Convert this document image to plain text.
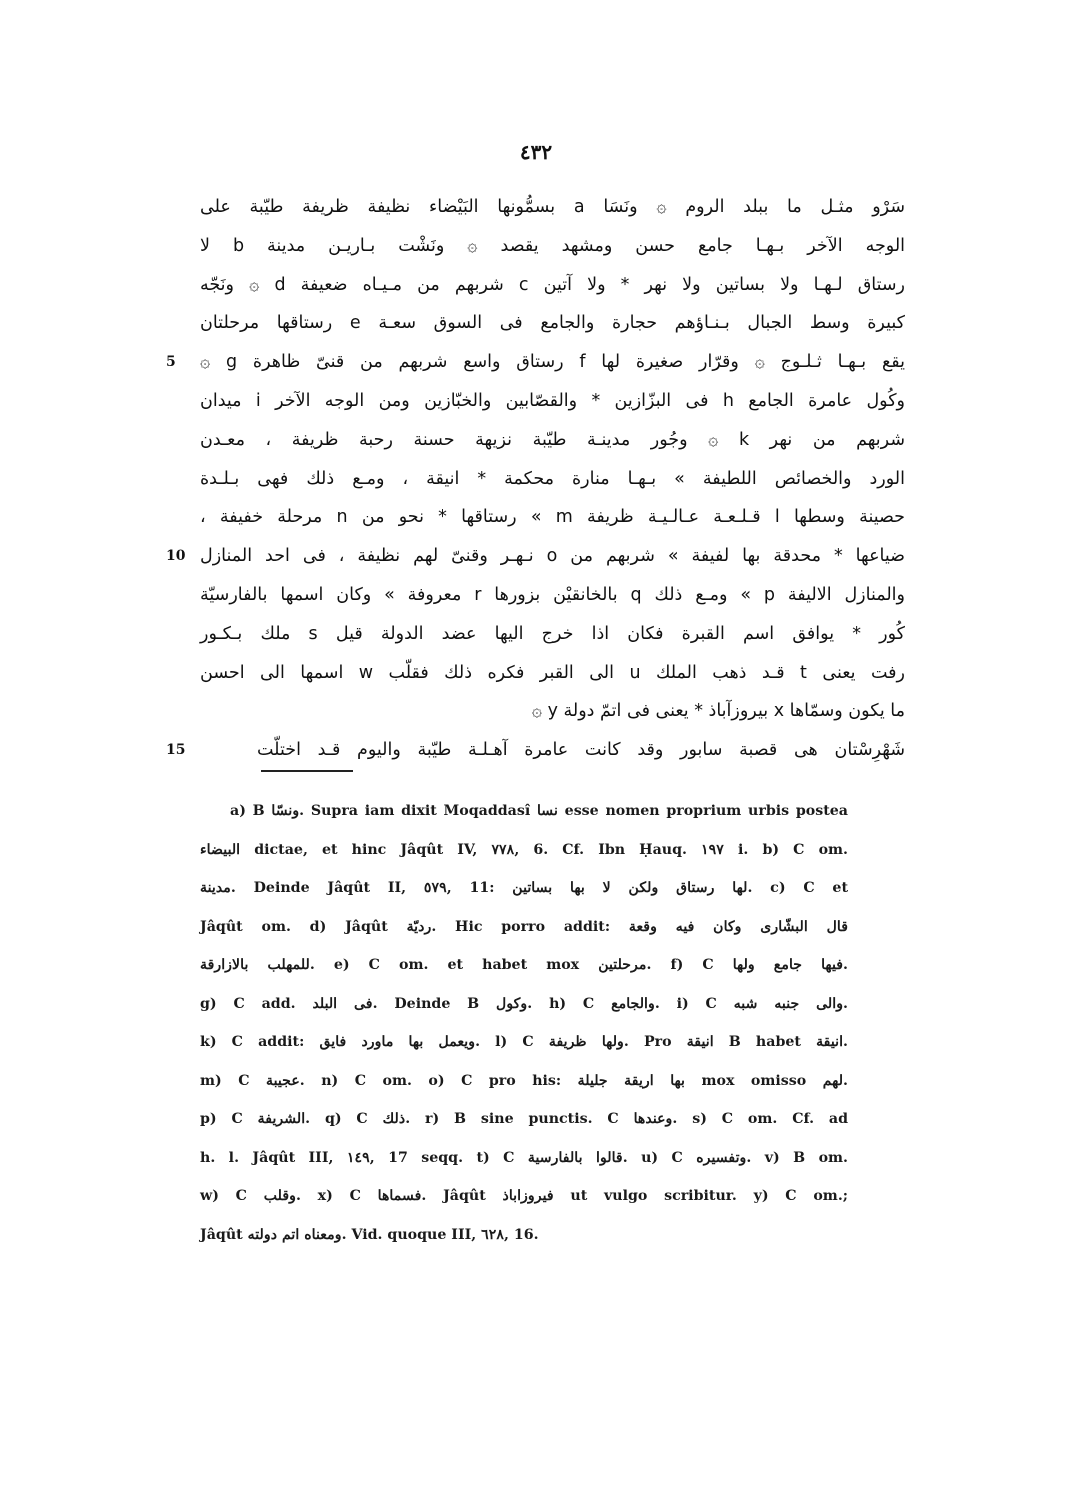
٤٣٢
سَرْو مثـل ما ببلد الروم ۞ ونَسَا a بسمُّونها البَيْضاء نظيفة ظريفة طيّبة على
الوجه الآخر بـهـا جامع حسن ومشهد يقصد ۞ ونَشْت بـاريـن مدينة b لا
رستاق لـهـا ولا بساتين ولا نهر * ولا آتين c شربهم من مـيـاه ضعيفة d ۞ ونَجّه
كبيرة وسط الجبال بـنـاؤهم حجارة والجامع فى السوق سعـة e رستاقها مرحلتان
5 يقع بـهـا ثـلـوج ۞ وقرّار صغيرة لها f رستاق واسع شربهم من قنىّ ظاهرة g ۞
وكُول عامرة الجامع h فى البزّازين * والقصّابين والخبّازين ومن الوجه الآخر i ميدان
شربهم من نهر k ۞ وجُور مدينـة طيّبة نزيهة حسنة رحبة ظريفة ، معـدن
الورد والخصائص اللطيفة » بـهـا منارة محكمة * انيقة ، ومـع ذلك فهى بـلـدة
حصينة وسطها l قـلـعـة عـالـيـة ظريفة m » رستاقها * نحو من n مرحلة خفيفة ،
10 ضياعها * محدقة بها لفيفة » شربهم من o نـهـر وقنىّ لهم نظيفة ، فى احد المنازل
والمنازل الاليفة p » ومـع ذلك q بالخانقيْن بزورها r معروفة » وكان اسمها بالفارسيّة
كُور * يوافق اسم القبرة فكان اذا خرج اليها عضد الدولة قيل s ملك بـكـور
رفت يعنى t قـد ذهب الملك u الى القبر فكره ذلك فقلّب w اسمها الى احسن
ما يكون وسمّاها x بيروزآباذ * يعنى فى اتمّ دولة y ۞
15	شَهْرِسْتان هى قصبة سابور وقد كانت عامرة آهـلـة طيّبة واليوم قـد اختلّت
a) B ونسّا. Supra iam dixit Moqaddasî نسا esse nomen proprium urbis postea
البيضاء dictae, et hinc Jâqût IV, ٧٧٨, 6. Cf. Ibn Ḥauq. ١٩٧ i. b) C om.
مدينة. Deinde Jâqût II, ٥٧٩, 11: لها رستاق ولكن لا بها بساتين. c) C et
Jâqût om. d) Jâqût رديّة. Hic porro addit: قال البشّارى وكان فيه وقعة
للمهلب بالازارقة. e) C om. et habet mox مرحلتين. f) C فيها جامع ولها.
g) C add. فى البلد. Deinde B وكول. h) C والجامع. i) C والى جنبه شبه.
k) C addit: ويعمل بها ماورد فايق. l) C ولها ظريفة. Pro انيقة B habet انيقة.
m) C عجيبة. n) C om. o) C pro his: بها اريقة جليلة mox omisso لهم.
p) C الشريفة. q) C ذلك. r) B sine punctis. C وعندها. s) C om. Cf. ad
h. l. Jâqût III, ١٤٩, 17 seqq. t) C قالوا بالفارسية. u) C وتفسيره. v) B om.
w) C وقلب. x) C فسماها. Jâqût فيروزاباذ ut vulgo scribitur. y) C om.;
Jâqût ومعناه اتم دولته. Vid. quoque III, ٦٢٨, 16.
